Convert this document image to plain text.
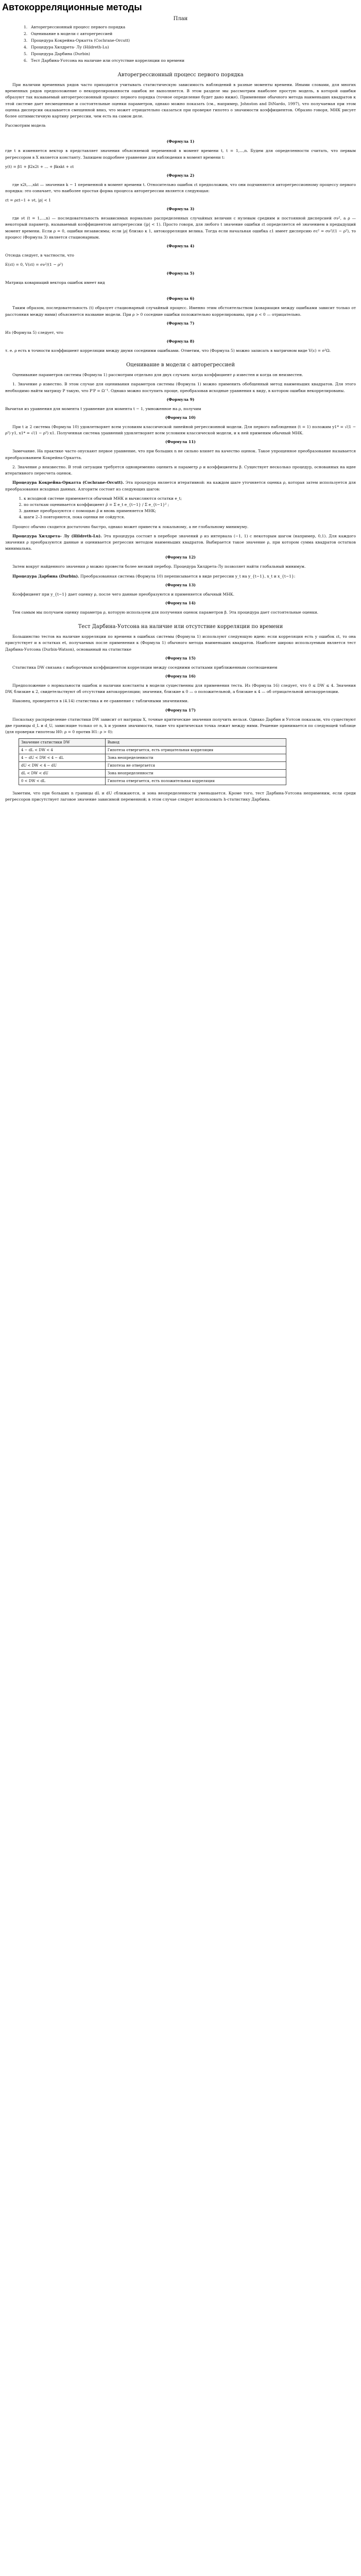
Автокорреляционные методы
План
1. Авторегрессионный процесс первого порядка
2. Оценивание в модели с авторегрессией
3. Процедура Кокрейна-Оркатта (Cochrane-Orcutt)
4. Процедура Хилдрета- Лу (Hildreth-Lu)
5. Процедура Дарбина (Durbin)
6. Тест Дарбина-Уотсона на наличие или отсутствие корреляции по времени
Авторегрессионный процесс первого порядка

При наличии временных рядов часто приходится учитывать статистическую зависимость наблюдений в разные моменты времени. Иными словами, для многих временных рядов предположение о некоррелированности ошибок не выполняется. В этом разделе мы рассмотрим наиболее простую модель, в которой ошибки образуют так называемый авторегрессионный процесс первого порядка (точное определение будет дано ниже). Применение обычного метода наименьших квадратов к этой системе дает несмещенные и состоятельные оценки параметров, однако можно показать (см., например, Johnston and DiNardo, 1997), что получаемая при этом оценка дисперсии оказывается смещенной вниз, что может отрицательно сказаться при проверке гипотез о значимости коэффициентов. Образно говоря, МНК рисует более оптимистичную картину регрессии, чем есть на самом деле.

Рассмотрим модель

(Формула 1)

где t в изменяется вектор в представляет значения объясняемой переменной в момент времени t, t = 1,...,n. Будем для определенности считать, что первым регрессором в X является константу. Запишем подробнее уравнение для наблюдения в момент времени t:

y(t) = β1 + β2x2t + ... + βkxkt + εt
(Формула 2)

где x2t,...,xkt — значения k − 1 переменной в момент времени t. Относительно ошибок εt предположим, что они подчиняются авторегрессионному процессу первого порядка: это означает, что наиболее простая форма процесса авторегрессии является следующая:

εt = ρεt−1 + νt, |ρ| < 1
(Формула 3)

где νt (t = 1,...,n) — последовательность независимых нормально распределенных случайных величин с нулевым средним и постоянной дисперсией σν², а ρ — некоторый параметр, называемый коэффициентом авторегрессии (|ρ| < 1). Просто говоря, для любого t значение ошибки εt определяется её значением в предыдущий момент времени. Если ρ = 0, ошибки независимы; если |ρ| близко к 1, автокорреляция велика. Тогда если начальная ошибка ε1 имеет дисперсию σε² = σν²/(1 − ρ²), то процесс (Формула 3) является стационарным.

(Формула 4)

Отсюда следует, в частности, что

E(εt) = 0, V(εt) = σν²/(1 − ρ²)
(Формула 5)

Матрица ковариаций вектора ошибок имеет вид

(Формула 6)

Таким образом, последовательность (t) образует стационарный случайный процесс. Именно этим обстоятельством (ковариация между ошибками зависит только от расстояния между ними) объясняется название модели. При ρ > 0 соседние ошибки положительно коррелированы, при ρ < 0 — отрицательно.

(Формула 7)

Из (Формула 5) следует, что

(Формула 8)

т. е. ρ есть в точности коэффициент корреляции между двумя соседними ошибками. Отметим, что (Формула 5) можно записать в матричном виде V(ε) = σ²Ω.

Оценивание в модели с авторегрессией

Оценивание параметров системы (Формула 1) рассмотрим отдельно для двух случаев: когда коэффициент ρ известен и когда он неизвестен.

1. Значение ρ известно. В этом случае для оценивания параметров системы (Формула 1) можно применить обобщенный метод наименьших квадратов. Для этого необходимо найти матрицу P такую, что P'P = Ω⁻¹. Однако можно поступить проще, преобразовав исходные уравнения к виду, в котором ошибки некоррелированы.

(Формула 9)

Вычитая из уравнения для момента t уравнение для момента t − 1, умноженное на ρ, получим

(Формула 10)

При t ≥ 2 система (Формула 10) удовлетворяет всем условиям классической линейной регрессионной модели. Для первого наблюдения (t = 1) положим y1* = √(1 − ρ²) y1, x1* = √(1 − ρ²) x1. Полученная система уравнений удовлетворяет всем условиям классической модели, и к ней применим обычный МНК.

(Формула 11)

Замечание. На практике часто опускают первое уравнение, что при больших n не сильно влияет на качество оценок. Такое упрощенное преобразование называется преобразованием Кокрейна-Оркатта.

2. Значение ρ неизвестно. В этой ситуации требуется одновременно оценить и параметр ρ и коэффициенты β. Существует несколько процедур, основанных на идее итеративного пересчета оценок.

Процедура Кокрейна-Оркатта (Cochrane-Orcutt). Эта процедура является итеративной: на каждом шаге уточняется оценка ρ, которая затем используется для преобразования исходных данных. Алгоритм состоит из следующих шагов:

1. к исходной системе применяется обычный МНК и вычисляются остатки e_t;
2. по остаткам оценивается коэффициент ρ̂ = Σ e_t e_{t−1} / Σ e_{t−1}² ;
3. данные преобразуются с помощью ρ̂ и вновь применяется МНК;
4. шаги 2–3 повторяются, пока оценки не сойдутся.

Процесс обычно сходится достаточно быстро, однако может привести к локальному, а не глобальному минимуму.

Процедура Хилдрета- Лу (Hildreth-Lu). Эта процедура состоит в переборе значений ρ из интервала (−1, 1) с некоторым шагом (например, 0,1). Для каждого значения ρ преобразуются данные и оценивается регрессия методом наименьших квадратов. Выбирается такое значение ρ, при котором сумма квадратов остатков минимальна.

(Формула 12)

Затем вокруг найденного значения ρ можно провести более мелкий перебор. Процедура Хилдрета-Лу позволяет найти глобальный минимум.

Процедура Дарбина (Durbin). Преобразованная система (Формула 10) переписывается в виде регрессии y_t на y_{t−1}, x_t и x_{t−1}:

(Формула 13)

Коэффициент при y_{t−1} дает оценку ρ, после чего данные преобразуются и применяется обычный МНК.

(Формула 14)

Тем самым мы получаем оценку параметра ρ, которую используем для получения оценок параметров β. Эта процедура дает состоятельные оценки.

Тест Дарбина-Уотсона на наличие или отсутствие корреляции по времени

Большинство тестов на наличие корреляции по времени в ошибках системы (Формула 1) используют следующую идею: если корреляция есть у ошибок εt, то она присутствует и в остатках et, получаемых после применения к (Формула 1) обычного метода наименьших квадратов. Наиболее широко используемым является тест Дарбина-Уотсона (Durbin-Watson), основанный на статистике

(Формула 15)

Статистика DW связана с выборочным коэффициентом корреляции между соседними остатками приближенным соотношением

(Формула 16)

Предположение о нормальности ошибок и наличии константы в модели существенны для применения теста. Из (Формула 16) следует, что 0 ≤ DW ≤ 4. Значения DW, близкие к 2, свидетельствуют об отсутствии автокорреляции; значения, близкие к 0 — о положительной, а близкие к 4 — об отрицательной автокорреляции.

Наконец, проверяется в (4.14) статистика и ее сравнение с табличными значениями.

(Формула 17)

Поскольку распределение статистики DW зависит от матрицы X, точные критические значения получить нельзя. Однако Дарбин и Уотсон показали, что существуют две границы d_L и d_U, зависящие только от n, k и уровня значимости, такие что критическая точка лежит между ними. Решение принимается по следующей таблице (для проверки гипотезы H0: ρ = 0 против H1: ρ > 0):

Значение статистики DW	Вывод
4 − dL < DW < 4	Гипотеза отвергается, есть отрицательная корреляция
4 − dU < DW < 4 − dL	Зона неопределенности
dU < DW < 4 − dU	Гипотеза не отвергается
dL < DW < dU	Зона неопределенности
0 < DW < dL	Гипотеза отвергается, есть положительная корреляция

Заметим, что при больших n границы dL и dU сближаются, и зона неопределенности уменьшается. Кроме того, тест Дарбина-Уотсона неприменим, если среди регрессоров присутствует лаговое значение зависимой переменной; в этом случае следует использовать h-статистику Дарбина.
